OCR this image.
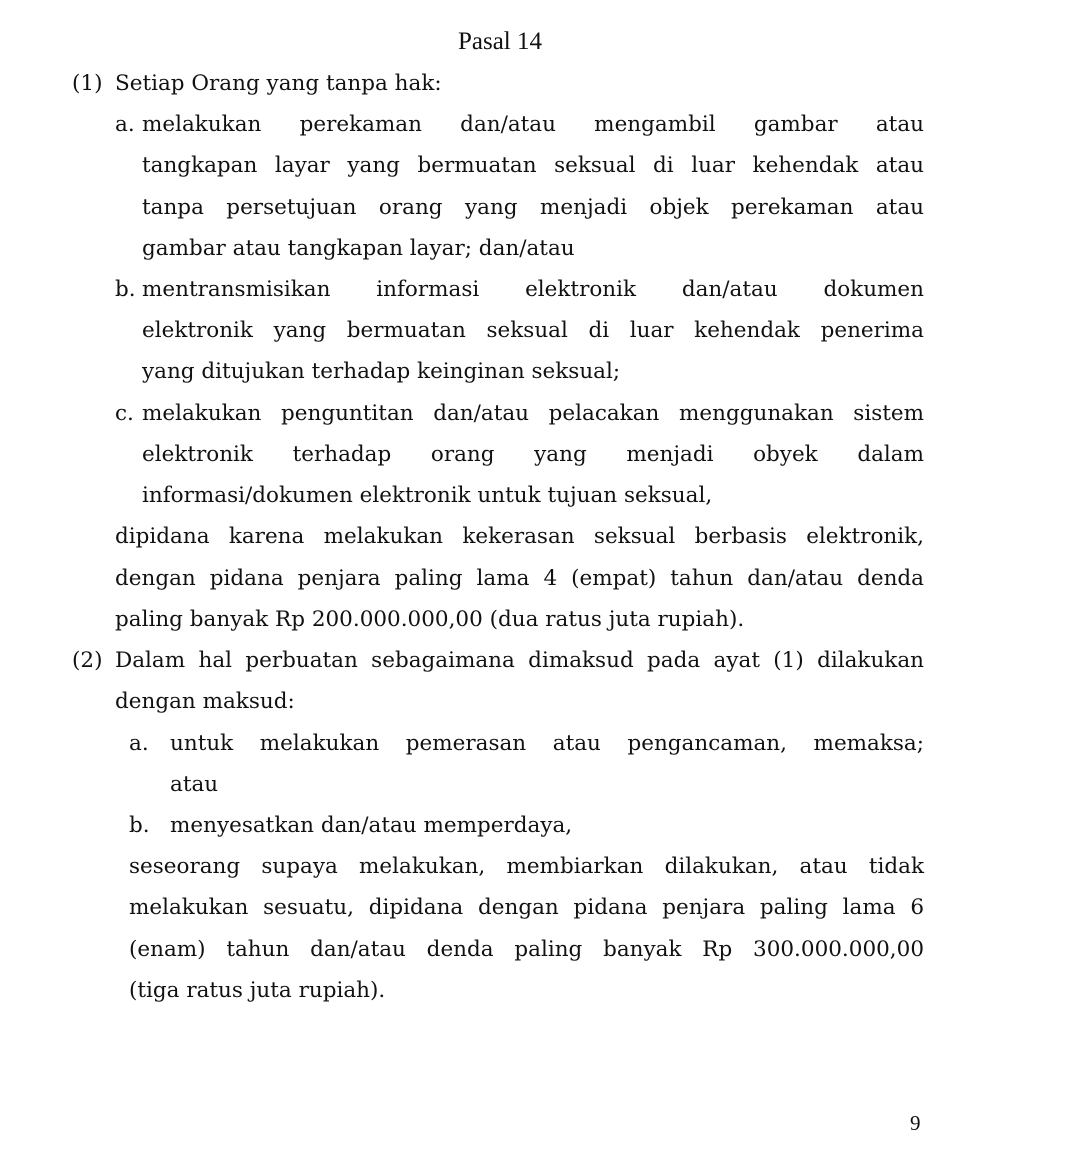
Pasal 14
(1) Setiap Orang yang tanpa hak:
a. melakukan perekaman dan/atau mengambil gambar atau
tangkapan layar yang bermuatan seksual di luar kehendak atau
tanpa persetujuan orang yang menjadi objek perekaman atau
gambar atau tangkapan layar; dan/atau
b. mentransmisikan informasi elektronik dan/atau dokumen
elektronik yang bermuatan seksual di luar kehendak penerima
yang ditujukan terhadap keinginan seksual;
c. melakukan penguntitan dan/atau pelacakan menggunakan sistem
elektronik terhadap orang yang menjadi obyek dalam
informasi/dokumen elektronik untuk tujuan seksual,
dipidana karena melakukan kekerasan seksual berbasis elektronik,
dengan pidana penjara paling lama 4 (empat) tahun dan/atau denda
paling banyak Rp 200.000.000,00 (dua ratus juta rupiah).
(2) Dalam hal perbuatan sebagaimana dimaksud pada ayat (1) dilakukan
dengan maksud:
a. untuk melakukan pemerasan atau pengancaman, memaksa;
atau
b. menyesatkan dan/atau memperdaya,
seseorang supaya melakukan, membiarkan dilakukan, atau tidak
melakukan sesuatu, dipidana dengan pidana penjara paling lama 6
(enam) tahun dan/atau denda paling banyak Rp 300.000.000,00
(tiga ratus juta rupiah).
9
